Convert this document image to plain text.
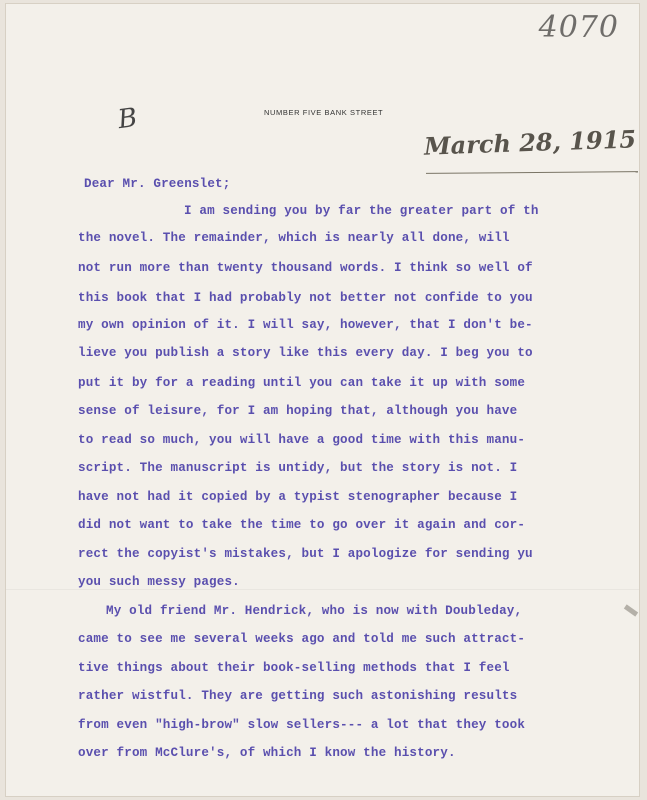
4070
B	NUMBER FIVE BANK STREET
March 28, 1915
Dear Mr. Greenslet;
I am sending you by far the greater part of th
the novel. The remainder, which is nearly all done, will
not run more than twenty thousand words. I think so well of
this book that I had probably not better not confide to you
my own opinion of it. I will say, however, that I don't be-
lieve you publish a story like this every day. I beg you to
put it by for a reading until you can take it up with some
sense of leisure, for I am hoping that, although you have
to read so much, you will have a good time with this manu-
script. The manuscript is untidy, but the story is not. I
have not had it copied by a typist stenographer because I
did not want to take the time to go over it again and cor-
rect the copyist's mistakes, but I apologize for sending yu
you such messy pages.
My old friend Mr. Hendrick, who is now with Doubleday,
came to see me several weeks ago and told me such attract-
tive things about their book-selling methods that I feel
rather wistful. They are getting such astonishing results
from even "high-brow" slow sellers--- a lot that they took
over from McClure's, of which I know the history.
